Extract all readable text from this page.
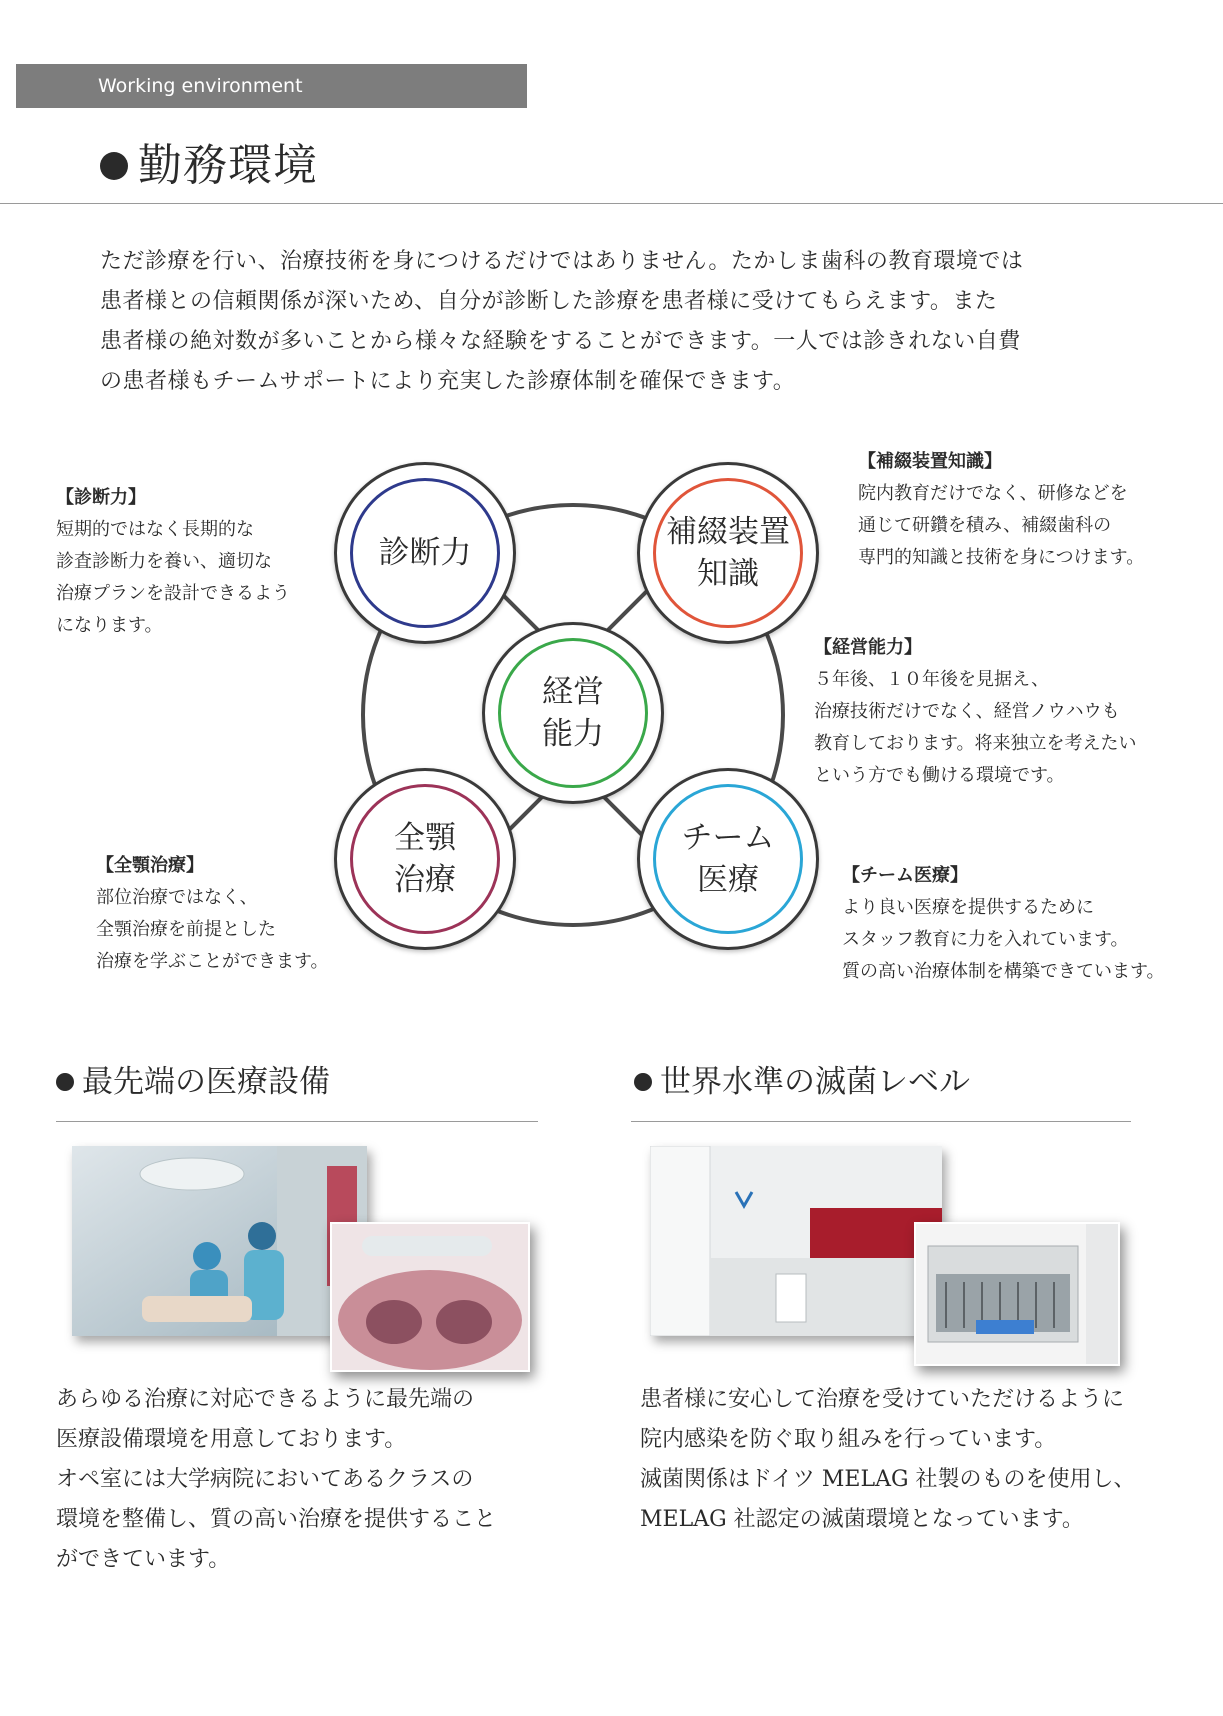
Working environment
勤務環境

ただ診療を行い、治療技術を身につけるだけではありません。たかしま歯科の教育環境では

患者様との信頼関係が深いため、自分が診断した診療を患者様に受けてもらえます。また

患者様の絶対数が多いことから様々な経験をすることができます。一人では診きれない自費

の患者様もチームサポートにより充実した診療体制を確保できます。

診断力
補綴装置
知識
経営
能力
全顎
治療
チーム
医療

【診断力】

短期的ではなく長期的な

診査診断力を養い、適切な

治療プランを設計できるよう

になります。

【補綴装置知識】

院内教育だけでなく、研修などを

通じて研鑽を積み、補綴歯科の

専門的知識と技術を身につけます。

【経営能力】

５年後、１０年後を見据え、

治療技術だけでなく、経営ノウハウも

教育しております。将来独立を考えたい

という方でも働ける環境です。

【全顎治療】

部位治療ではなく、

全顎治療を前提とした

治療を学ぶことができます。

【チーム医療】

より良い医療を提供するために

スタッフ教育に力を入れています。

質の高い治療体制を構築できています。

最先端の医療設備

あらゆる治療に対応できるように最先端の

医療設備環境を用意しております。

オペ室には大学病院においてあるクラスの

環境を整備し、質の高い治療を提供すること

ができています。

世界水準の滅菌レベル

患者様に安心して治療を受けていただけるように

院内感染を防ぐ取り組みを行っています。

滅菌関係はドイツ MELAG 社製のものを使用し、

MELAG 社認定の滅菌環境となっています。
